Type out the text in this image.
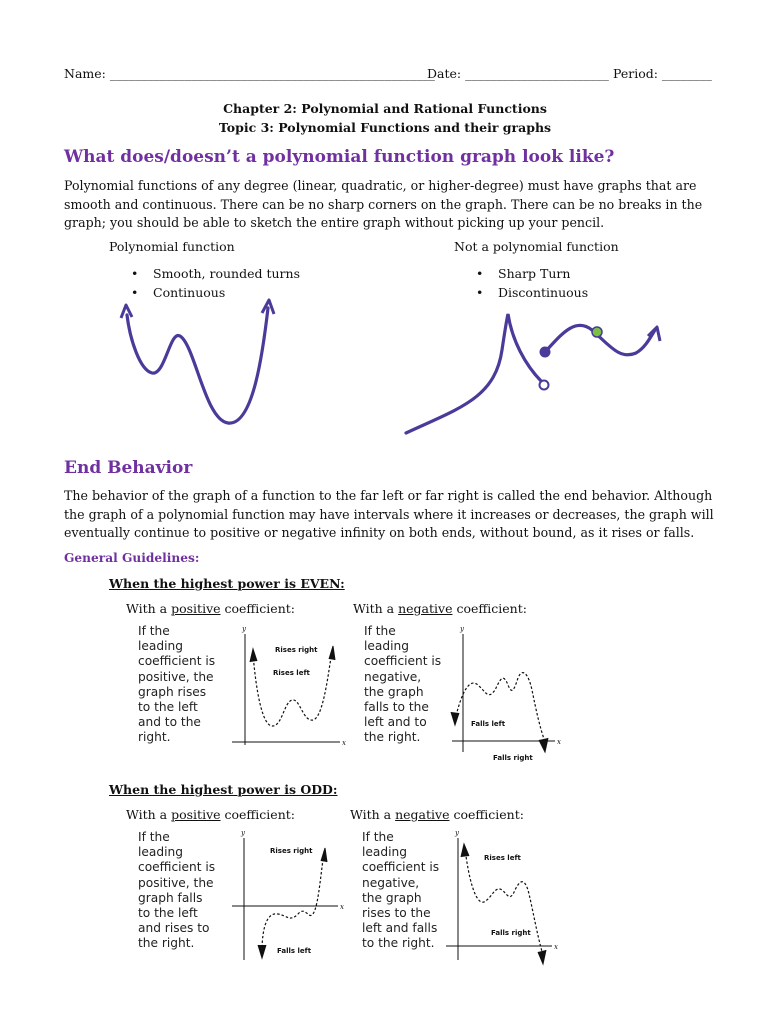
Name: ____________________________________________________
Date: _______________________ Period: ________
Chapter 2: Polynomial and Rational Functions
Topic 3: Polynomial Functions and their graphs
What does/doesn’t a polynomial function graph look like?
Polynomial functions of any degree (linear, quadratic, or higher-degree) must have graphs that are smooth and continuous. There can be no sharp corners on the graph. There can be no breaks in the graph; you should be able to sketch the entire graph without picking up your pencil.
Polynomial function
• Smooth, rounded turns
• Continuous
Not a polynomial function
• Sharp Turn
• Discontinuous
End Behavior
The behavior of the graph of a function to the far left or far right is called the end behavior. Although the graph of a polynomial function may have intervals where it increases or decreases, the graph will eventually continue to positive or negative infinity on both ends, without bound, as it rises or falls.
General Guidelines:
When the highest power is EVEN:
With a positive coefficient:	With a negative coefficient:
If the leading coefficient is positive, the graph rises to the left and to the right.
If the leading coefficient is negative, the graph falls to the left and to the right.
y
x
Rises right
Rises left
y
x
Falls left
Falls right
When the highest power is ODD:
With a positive coefficient:	With a negative coefficient:
If the leading coefficient is positive, the graph falls to the left and rises to the right.
If the leading coefficient is negative, the graph rises to the left and falls to the right.
y
x
Rises right
Falls left
y
x
Rises left
Falls right
